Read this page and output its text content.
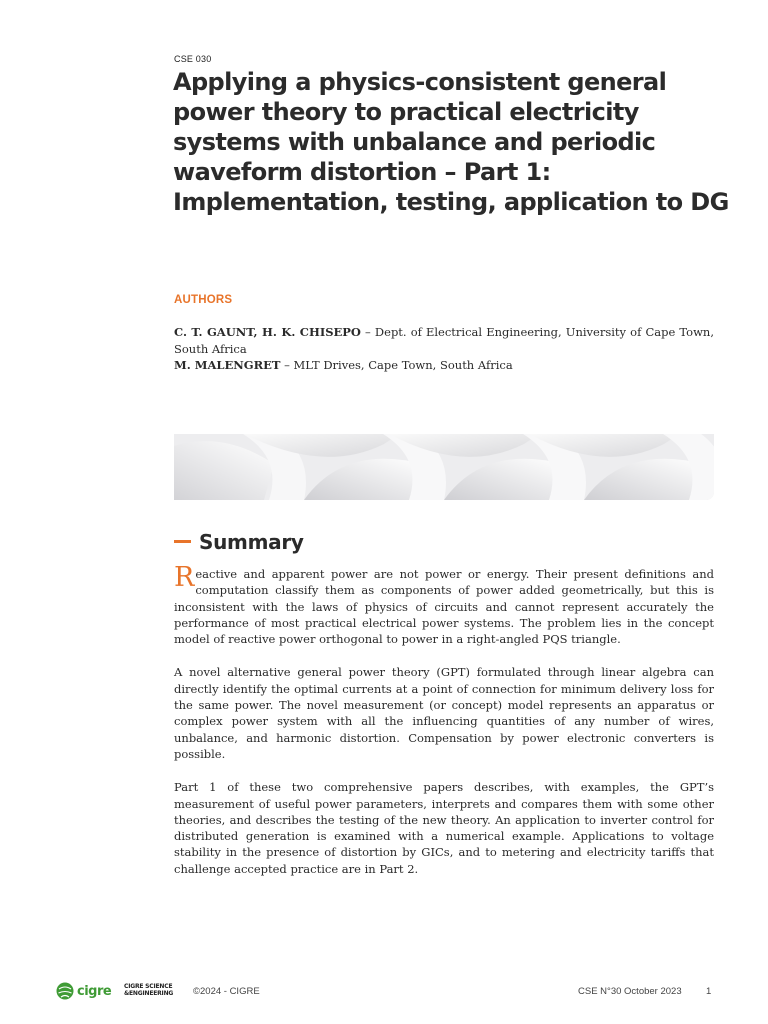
CSE 030
Applying a physics-consistent general power theory to practical electricity systems with unbalance and periodic waveform distortion – Part 1: Implementation, testing, application to DG
AUTHORS

C. T. GAUNT, H. K. CHISEPO – Dept. of Electrical Engineering, University of Cape Town, South Africa

M. MALENGRET – MLT Drives, Cape Town, South Africa

Summary

Reactive and apparent power are not power or energy. Their present definitions and computation classify them as components of power added geometrically, but this is inconsistent with the laws of physics of circuits and cannot represent accurately the performance of most practical electrical power systems. The problem lies in the concept model of reactive power orthogonal to power in a right-angled PQS triangle.

A novel alternative general power theory (GPT) formulated through linear algebra can directly identify the optimal currents at a point of connection for minimum delivery loss for the same power. The novel measurement (or concept) model represents an apparatus or complex power system with all the influencing quantities of any number of wires, unbalance, and harmonic distortion. Compensation by power electronic converters is possible.

Part 1 of these two comprehensive papers describes, with examples, the GPT’s measurement of useful power parameters, interprets and compares them with some other theories, and describes the testing of the new theory. An application to inverter control for distributed generation is examined with a numerical example. Applications to voltage stability in the presence of distortion by GICs, and to metering and electricity tariffs that challenge accepted practice are in Part 2.

cigre CIGRE SCIENCE
&ENGINEERING ©2024 - CIGRE	CSE N°30 October 2023	1
